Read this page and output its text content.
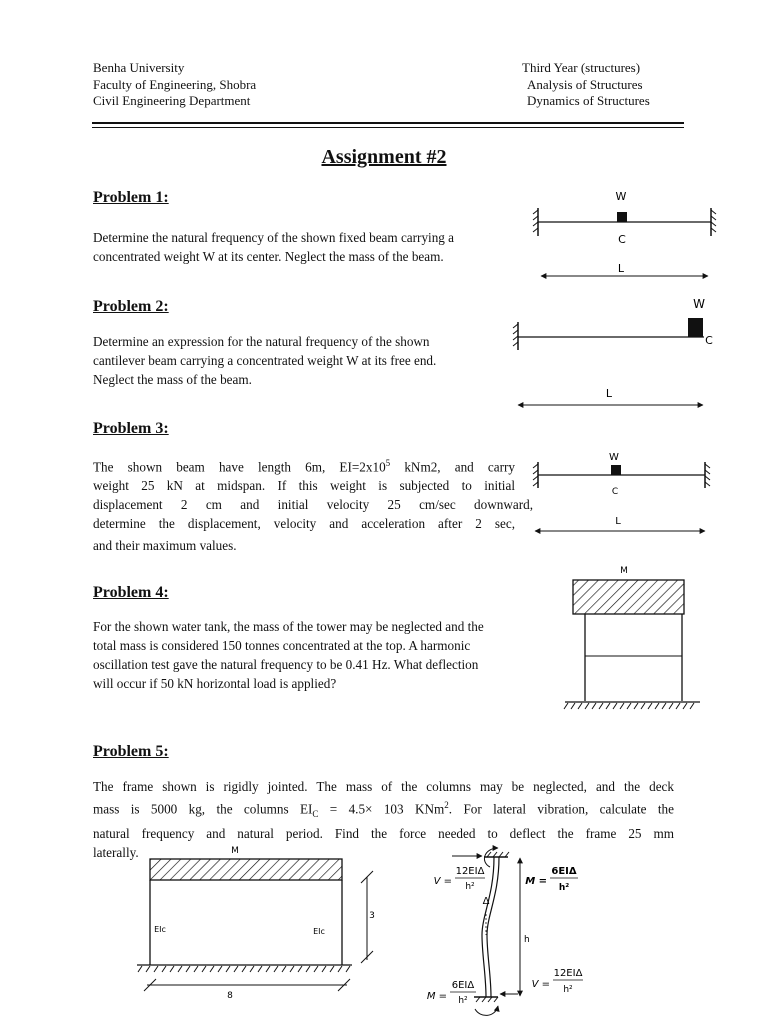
Benha University
Faculty of Engineering, Shobra
Civil Engineering Department
Third Year (structures)
Analysis of Structures
Dynamics of Structures
Assignment #2
Problem 1:
Determine the natural frequency of the shown fixed beam carrying a
concentrated weight W at its center. Neglect the mass of the beam.
Problem 2:
Determine an expression for the natural frequency of the shown
cantilever beam carrying a concentrated weight W at its free end.
Neglect the mass of the beam.
Problem 3:
The shown beam have length 6m, $EI=2x10^5$ kNm2, and carry
weight 25 kN at midspan. If this weight is subjected to initial
displacement 2 cm and initial velocity 25 cm/sec downward,
determine the displacement, velocity and acceleration after 2 sec,
and their maximum values.
Problem 4:
For the shown water tank, the mass of the tower may be neglected and the
total mass is considered 150 tonnes concentrated at the top. A harmonic
oscillation test gave the natural frequency to be 0.41 Hz. What deflection
will occur if 50 kN horizontal load is applied?
Problem 5:
The frame shown is rigidly jointed. The mass of the columns may be neglected, and the deck
mass is 5000 kg, the columns $EI_C = 4.5\times 103$ KNm$^2$. For lateral vibration, calculate the
natural frequency and natural period. Find the force needed to deflect the frame 25 mm
laterally.
W
C
L
W
C
L
W
C
L
M
M
EIc	EIc
3
8
Δ
h
V =
12EIΔ
h²	M =
6EIΔ
h²
M =
6EIΔ
h²
V =
12EIΔ
h²
